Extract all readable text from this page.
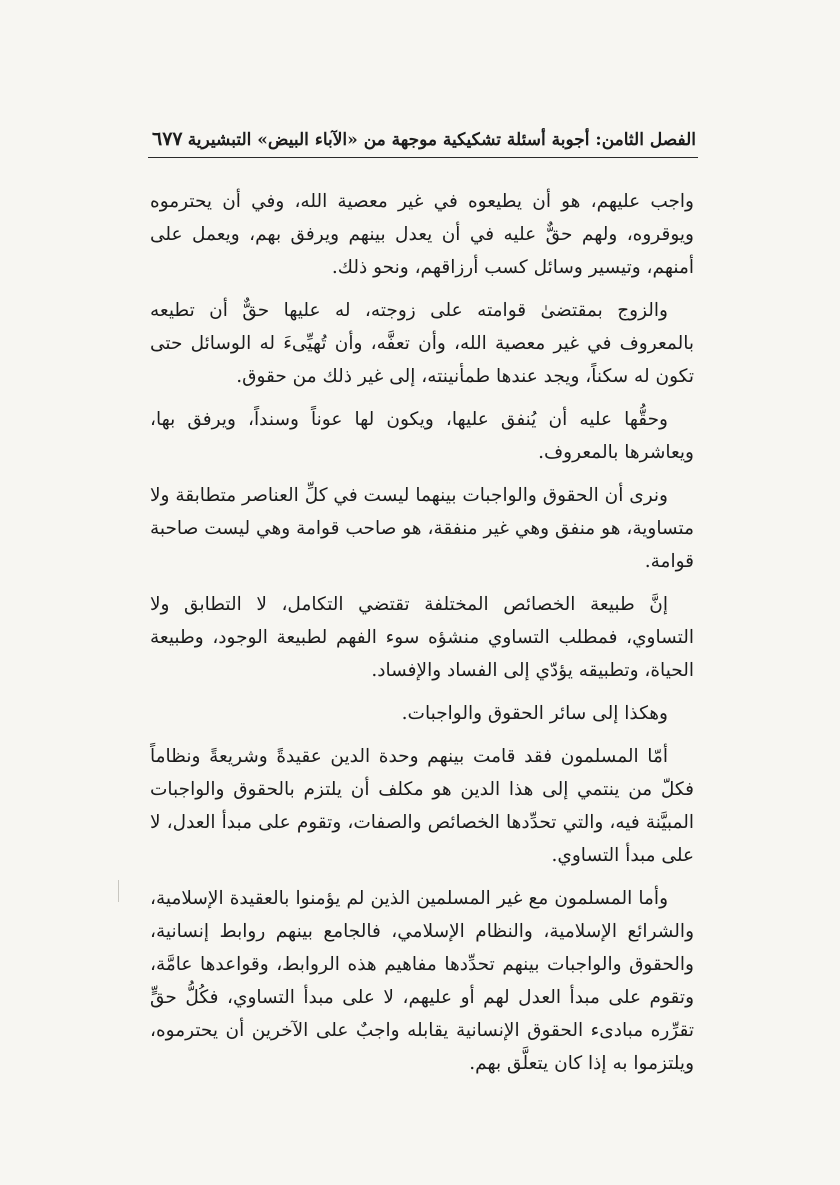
الفصل الثامن: أجوبة أسئلة تشكيكية موجهة من «الآباء البيض» التبشيرية
٦٧٧

واجب عليهم، هو أن يطيعوه في غير معصية الله، وفي أن يحترموه ويوقروه، ولهم حقٌّ عليه في أن يعدل بينهم ويرفق بهم، ويعمل على أمنهم، وتيسير وسائل كسب أرزاقهم، ونحو ذلك.

والزوج بمقتضىٰ قوامته على زوجته، له عليها حقٌّ أن تطيعه بالمعروف في غير معصية الله، وأن تعفَّه، وأن تُهيِّىءَ له الوسائل حتى تكون له سكناً، ويجد عندها طمأنينته، إلى غير ذلك من حقوق.

وحقُّها عليه أن يُنفق عليها، ويكون لها عوناً وسنداً، ويرفق بها، ويعاشرها بالمعروف.

ونرى أن الحقوق والواجبات بينهما ليست في كلِّ العناصر متطابقة ولا متساوية، هو منفق وهي غير منفقة، هو صاحب قوامة وهي ليست صاحبة قوامة.

إنَّ طبيعة الخصائص المختلفة تقتضي التكامل، لا التطابق ولا التساوي، فمطلب التساوي منشؤه سوء الفهم لطبيعة الوجود، وطبيعة الحياة، وتطبيقه يؤدّي إلى الفساد والإفساد.

وهكذا إلى سائر الحقوق والواجبات.

أمّا المسلمون فقد قامت بينهم وحدة الدين عقيدةً وشريعةً ونظاماً فكلّ من ينتمي إلى هذا الدين هو مكلف أن يلتزم بالحقوق والواجبات المبيَّنة فيه، والتي تحدِّدها الخصائص والصفات، وتقوم على مبدأ العدل، لا على مبدأ التساوي.

وأما المسلمون مع غير المسلمين الذين لم يؤمنوا بالعقيدة الإسلامية، والشرائع الإسلامية، والنظام الإسلامي، فالجامع بينهم روابط إنسانية، والحقوق والواجبات بينهم تحدِّدها مفاهيم هذه الروابط، وقواعدها عامَّة، وتقوم على مبدأ العدل لهم أو عليهم، لا على مبدأ التساوي، فكُلُّ حقٍّ تقرِّره مبادىء الحقوق الإنسانية يقابله واجبٌ على الآخرين أن يحترموه، ويلتزموا به إذا كان يتعلَّق بهم.
